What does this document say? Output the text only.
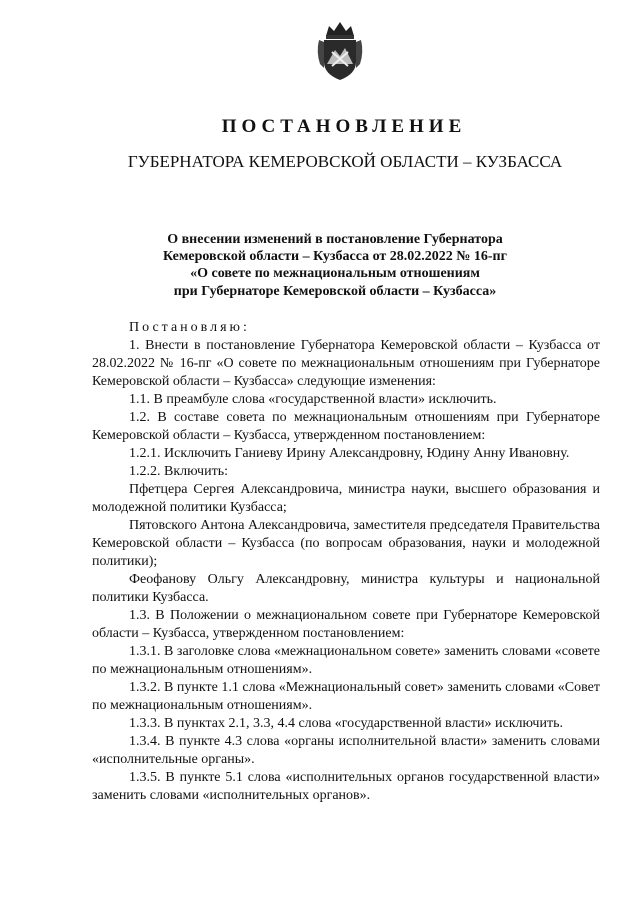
ПОСТАНОВЛЕНИЕ
ГУБЕРНАТОРА КЕМЕРОВСКОЙ ОБЛАСТИ – КУЗБАССА
О внесении изменений в постановление Губернатора
Кемеровской области – Кузбасса от 28.02.2022 № 16-пг
«О совете по межнациональным отношениям
при Губернаторе Кемеровской области – Кузбасса»

Постановляю:

1. Внести в постановление Губернатора Кемеровской области – Кузбасса от 28.02.2022 № 16-пг «О совете по межнациональным отношениям при Губернаторе Кемеровской области – Кузбасса» следующие изменения:

1.1. В преамбуле слова «государственной власти» исключить.

1.2. В составе совета по межнациональным отношениям при Губернаторе Кемеровской области – Кузбасса, утвержденном постановлением:

1.2.1. Исключить Ганиеву Ирину Александровну, Юдину Анну Ивановну.

1.2.2. Включить:

Пфетцера Сергея Александровича, министра науки, высшего образования и молодежной политики Кузбасса;

Пятовского Антона Александровича, заместителя председателя Правительства Кемеровской области – Кузбасса (по вопросам образования, науки и молодежной политики);

Феофанову Ольгу Александровну, министра культуры и национальной политики Кузбасса.

1.3. В Положении о межнациональном совете при Губернаторе Кемеровской области – Кузбасса, утвержденном постановлением:

1.3.1. В заголовке слова «межнациональном совете» заменить словами «совете по межнациональным отношениям».

1.3.2. В пункте 1.1 слова «Межнациональный совет» заменить словами «Совет по межнациональным отношениям».

1.3.3. В пунктах 2.1, 3.3, 4.4 слова «государственной власти» исключить.

1.3.4. В пункте 4.3 слова «органы исполнительной власти» заменить словами «исполнительные органы».

1.3.5. В пункте 5.1 слова «исполнительных органов государственной власти» заменить словами «исполнительных органов».
